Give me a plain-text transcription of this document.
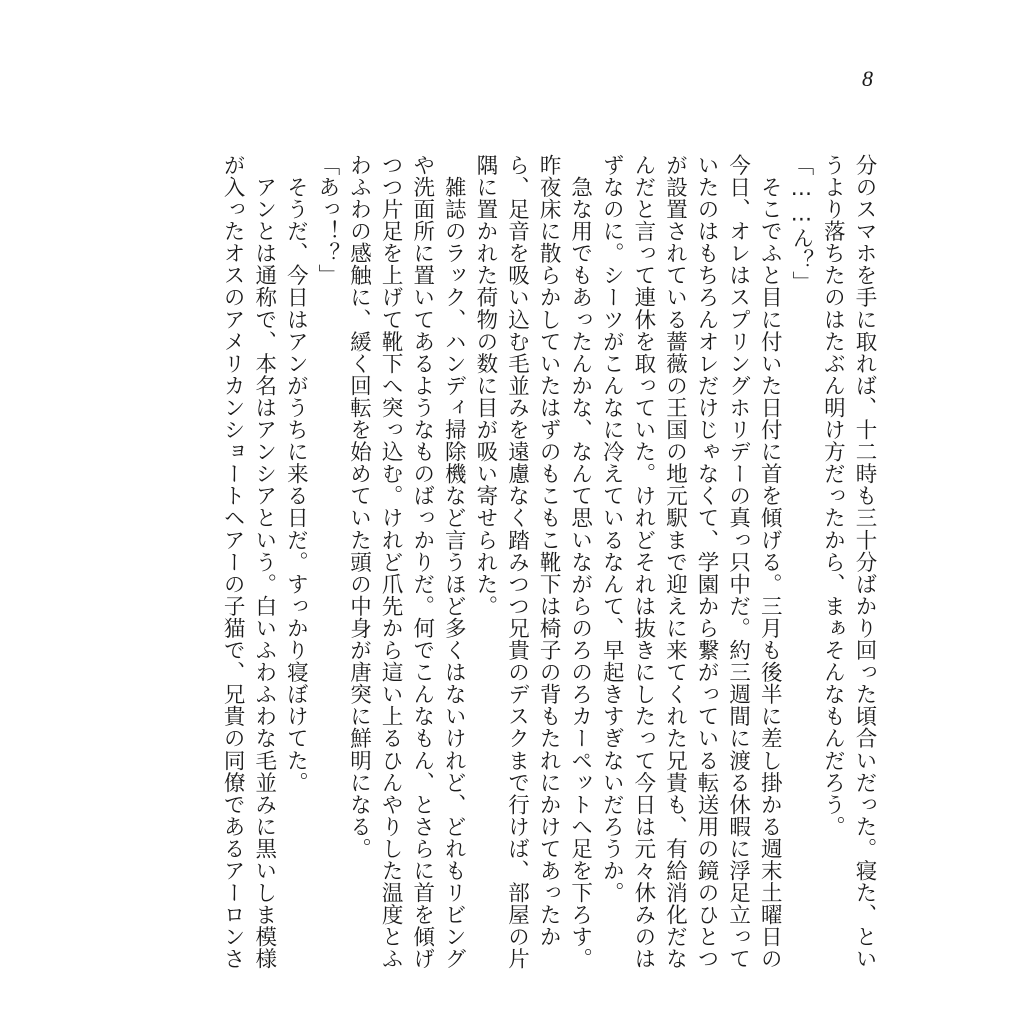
8
分のスマホを手に取れば、十二時も三十分ばかり回った頃合いだった。寝た、とい
うより落ちたのはたぶん明け方だったから、まぁそんなもんだろう。
「……ん？」
　そこでふと目に付いた日付に首を傾げる。三月も後半に差し掛かる週末土曜日の
今日、オレはスプリングホリデーの真っ只中だ。約三週間に渡る休暇に浮足立って
いたのはもちろんオレだけじゃなくて、学園から繋がっている転送用の鏡のひとつ
が設置されている薔薇の王国の地元駅まで迎えに来てくれた兄貴も、有給消化だな
んだと言って連休を取っていた。けれどそれは抜きにしたって今日は元々休みのは
ずなのに。シーツがこんなに冷えているなんて、早起きすぎないだろうか。
　急な用でもあったんかな、なんて思いながらのろのろカーペットへ足を下ろす。
昨夜床に散らかしていたはずのもこもこ靴下は椅子の背もたれにかけてあったか
ら、足音を吸い込む毛並みを遠慮なく踏みつつ兄貴のデスクまで行けば、部屋の片
隅に置かれた荷物の数に目が吸い寄せられた。
　雑誌のラック、ハンディ掃除機など言うほど多くはないけれど、どれもリビング
や洗面所に置いてあるようなものばっかりだ。何でこんなもん、とさらに首を傾げ
つつ片足を上げて靴下へ突っ込む。けれど爪先から這い上るひんやりした温度とふ
わふわの感触に、緩く回転を始めていた頭の中身が唐突に鮮明になる。
「あっ！？」
　そうだ、今日はアンがうちに来る日だ。すっかり寝ぼけてた。
　アンとは通称で、本名はアンシアという。白いふわふわな毛並みに黒いしま模様
が入ったオスのアメリカンショートヘアーの子猫で、兄貴の同僚であるアーロンさ
